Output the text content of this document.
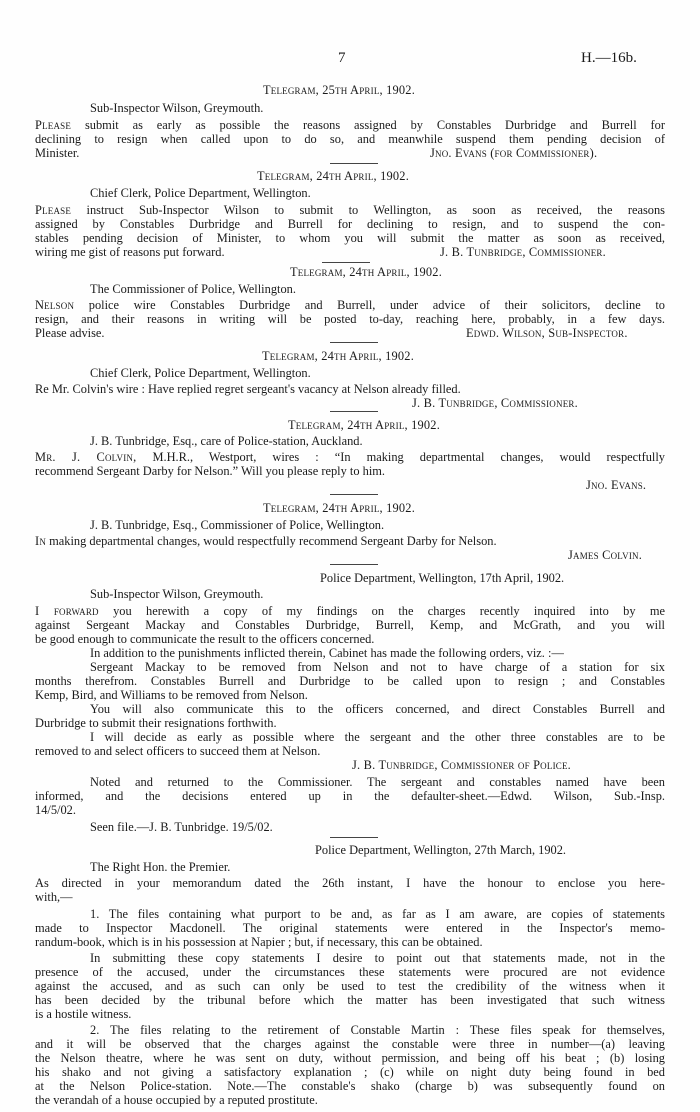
7	H.—16b.
Telegram, 25th April, 1902.
Sub-Inspector Wilson, Greymouth.
Please submit as early as possible the reasons assigned by Constables Durbridge and Burrell for
declining to resign when called upon to do so, and meanwhile suspend them pending decision of
Minister.	Jno. Evans (for Commissioner).
Telegram, 24th April, 1902.
Chief Clerk, Police Department, Wellington.
Please instruct Sub-Inspector Wilson to submit to Wellington, as soon as received, the reasons
assigned by Constables Durbridge and Burrell for declining to resign, and to suspend the con-
stables pending decision of Minister, to whom you will submit the matter as soon as received,
wiring me gist of reasons put forward.	J. B. Tunbridge, Commissioner.
Telegram, 24th April, 1902.
The Commissioner of Police, Wellington.
Nelson police wire Constables Durbridge and Burrell, under advice of their solicitors, decline to
resign, and their reasons in writing will be posted to-day, reaching here, probably, in a few days.
Please advise.	Edwd. Wilson, Sub-Inspector.
Telegram, 24th April, 1902.
Chief Clerk, Police Department, Wellington.
Re Mr. Colvin's wire : Have replied regret sergeant's vacancy at Nelson already filled.
J. B. Tunbridge, Commissioner.
Telegram, 24th April, 1902.
J. B. Tunbridge, Esq., care of Police-station, Auckland.
Mr. J. Colvin, M.H.R., Westport, wires : “In making departmental changes, would respectfully
recommend Sergeant Darby for Nelson.” Will you please reply to him.
Jno. Evans.
Telegram, 24th April, 1902.
J. B. Tunbridge, Esq., Commissioner of Police, Wellington.
In making departmental changes, would respectfully recommend Sergeant Darby for Nelson.
James Colvin.
Police Department, Wellington, 17th April, 1902.
Sub-Inspector Wilson, Greymouth.
I forward you herewith a copy of my findings on the charges recently inquired into by me
against Sergeant Mackay and Constables Durbridge, Burrell, Kemp, and McGrath, and you will
be good enough to communicate the result to the officers concerned.
In addition to the punishments inflicted therein, Cabinet has made the following orders, viz. :—
Sergeant Mackay to be removed from Nelson and not to have charge of a station for six
months therefrom. Constables Burrell and Durbridge to be called upon to resign ; and Constables
Kemp, Bird, and Williams to be removed from Nelson.
You will also communicate this to the officers concerned, and direct Constables Burrell and
Durbridge to submit their resignations forthwith.
I will decide as early as possible where the sergeant and the other three constables are to be
removed to and select officers to succeed them at Nelson.
J. B. Tunbridge, Commissioner of Police.
Noted and returned to the Commissioner. The sergeant and constables named have been
informed, and the decisions entered up in the defaulter-sheet.—Edwd. Wilson, Sub.-Insp.
14/5/02.
Seen file.—J. B. Tunbridge. 19/5/02.
Police Department, Wellington, 27th March, 1902.
The Right Hon. the Premier.
As directed in your memorandum dated the 26th instant, I have the honour to enclose you here-
with,—
1. The files containing what purport to be and, as far as I am aware, are copies of statements
made to Inspector Macdonell. The original statements were entered in the Inspector's memo-
randum-book, which is in his possession at Napier ; but, if necessary, this can be obtained.
In submitting these copy statements I desire to point out that statements made, not in the
presence of the accused, under the circumstances these statements were procured are not evidence
against the accused, and as such can only be used to test the credibility of the witness when it
has been decided by the tribunal before which the matter has been investigated that such witness
is a hostile witness.
2. The files relating to the retirement of Constable Martin : These files speak for themselves,
and it will be observed that the charges against the constable were three in number—(a) leaving
the Nelson theatre, where he was sent on duty, without permission, and being off his beat ; (b) losing
his shako and not giving a satisfactory explanation ; (c) while on night duty being found in bed
at the Nelson Police-station. Note.—The constable's shako (charge b) was subsequently found on
the verandah of a house occupied by a reputed prostitute.
